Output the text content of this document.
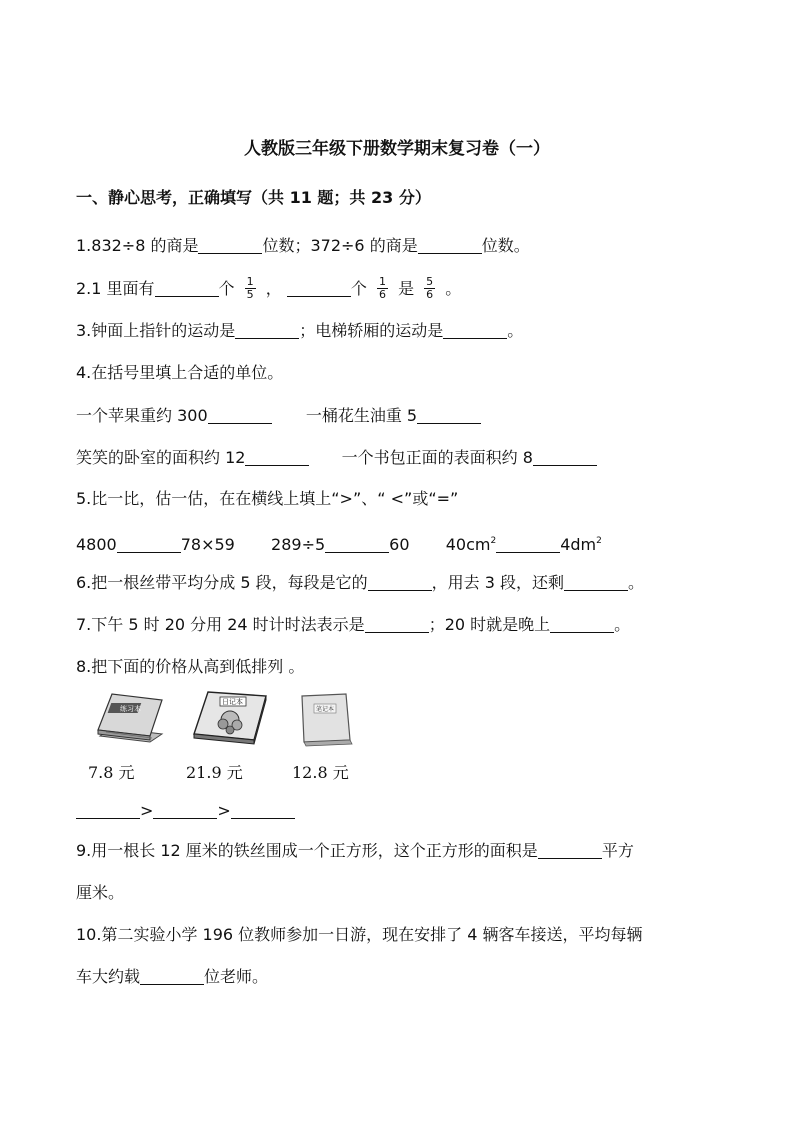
人教版三年级下册数学期末复习卷（一）
一、静心思考，正确填写（共 11 题；共 23 分）
1.832÷8 的商是	位数；372÷6 的商是	位数。
2.1 里面有	个 $\frac{1}{5}$ ，	个 $\frac{1}{6}$ 是 $\frac{5}{6}$ 。
3.钟面上指针的运动是	；电梯轿厢的运动是	。
4.在括号里填上合适的单位。
一个苹果重约 300	一桶花生油重 5
笑笑的卧室的面积约 12	一个书包正面的表面积约 8
5.比一比，估一估，在在横线上填上“>”、“ <”或“=”
4800	78×59 289÷5	60 $40cm^2$	$4dm^2$
6.把一根丝带平均分成 5 段，每段是它的	，用去 3 段，还剩	。
7.下午 5 时 20 分用 24 时计时法表示是	；20 时就是晚上	。
8.把下面的价格从高到低排列 。
练习本
日记本
笔记本
7.8 元	21.9 元	12.8 元
>	>
9.用一根长 12 厘米的铁丝围成一个正方形，这个正方形的面积是	平方
厘米。
10.第二实验小学 196 位教师参加一日游，现在安排了 4 辆客车接送，平均每辆
车大约载	位老师。
